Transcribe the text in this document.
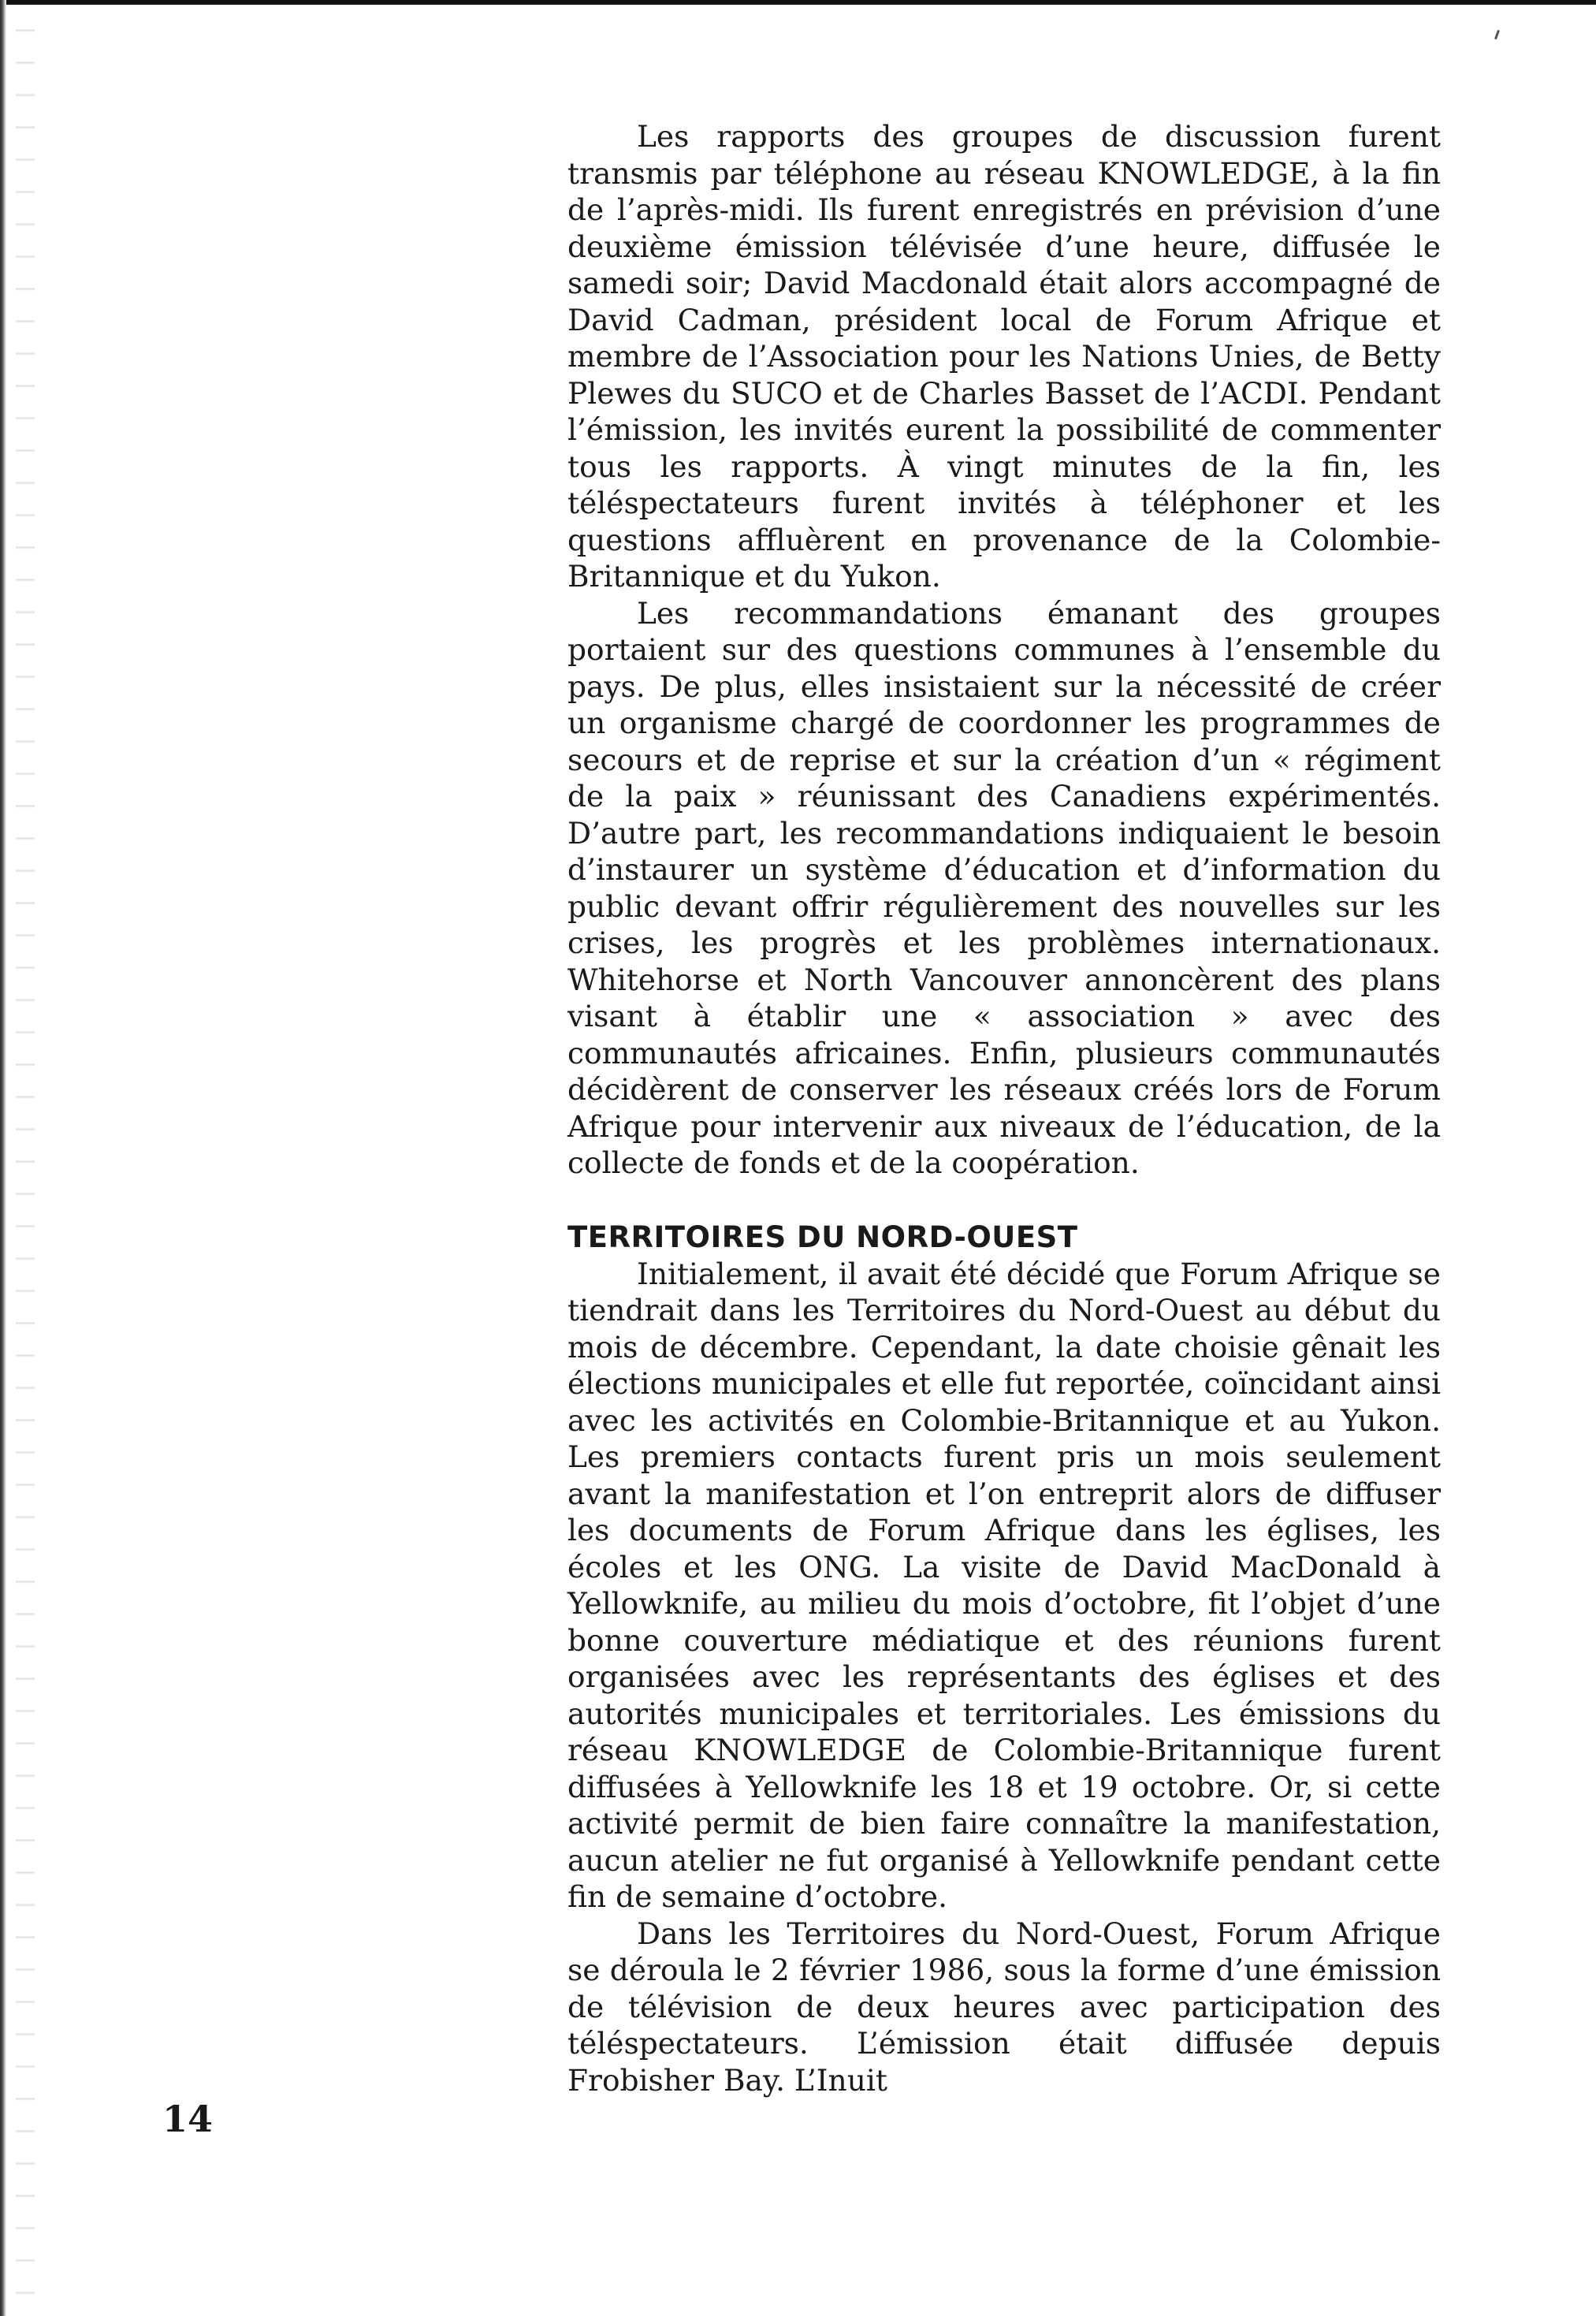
Les rapports des groupes de discussion furent transmis par téléphone au réseau KNOWLEDGE, à la fin de l’après-midi. Ils furent enregistrés en prévision d’une deuxième émission télévisée d’une heure, diffusée le samedi soir; David Macdonald était alors accompagné de David Cadman, président local de Forum Afrique et membre de l’Association pour les Nations Unies, de Betty Plewes du SUCO et de Charles Basset de l’ACDI. Pendant l’émission, les invités eurent la possibilité de commenter tous les rapports. À vingt minutes de la fin, les téléspectateurs furent invités à téléphoner et les questions affluèrent en provenance de la Colombie-Britannique et du Yukon.

Les recommandations émanant des groupes portaient sur des questions communes à l’ensemble du pays. De plus, elles insistaient sur la nécessité de créer un organisme chargé de coordonner les programmes de secours et de reprise et sur la création d’un « régiment de la paix » réunissant des Canadiens expérimentés. D’autre part, les recommandations indiquaient le besoin d’instaurer un système d’éducation et d’information du public devant offrir régulièrement des nouvelles sur les crises, les progrès et les problèmes internationaux. Whitehorse et North Vancouver annoncèrent des plans visant à établir une « association » avec des communautés africaines. Enfin, plusieurs communautés décidèrent de conserver les réseaux créés lors de Forum Afrique pour intervenir aux niveaux de l’éducation, de la collecte de fonds et de la coopération.

TERRITOIRES DU NORD-OUEST

Initialement, il avait été décidé que Forum Afrique se tiendrait dans les Territoires du Nord-Ouest au début du mois de décembre. Cependant, la date choisie gênait les élections municipales et elle fut reportée, coïncidant ainsi avec les activités en Colombie-Britannique et au Yukon. Les premiers contacts furent pris un mois seulement avant la manifestation et l’on entreprit alors de diffuser les documents de Forum Afrique dans les églises, les écoles et les ONG. La visite de David MacDonald à Yellowknife, au milieu du mois d’octobre, fit l’objet d’une bonne couverture médiatique et des réunions furent organisées avec les représentants des églises et des autorités municipales et territoriales. Les émissions du réseau KNOWLEDGE de Colombie-Britannique furent diffusées à Yellowknife les 18 et 19 octobre. Or, si cette activité permit de bien faire connaître la manifestation, aucun atelier ne fut organisé à Yellowknife pendant cette fin de semaine d’octobre.

Dans les Territoires du Nord-Ouest, Forum Afrique se déroula le 2 février 1986, sous la forme d’une émission de télévision de deux heures avec participation des téléspectateurs. L’émission était diffusée depuis Frobisher Bay. L’Inuit

14
